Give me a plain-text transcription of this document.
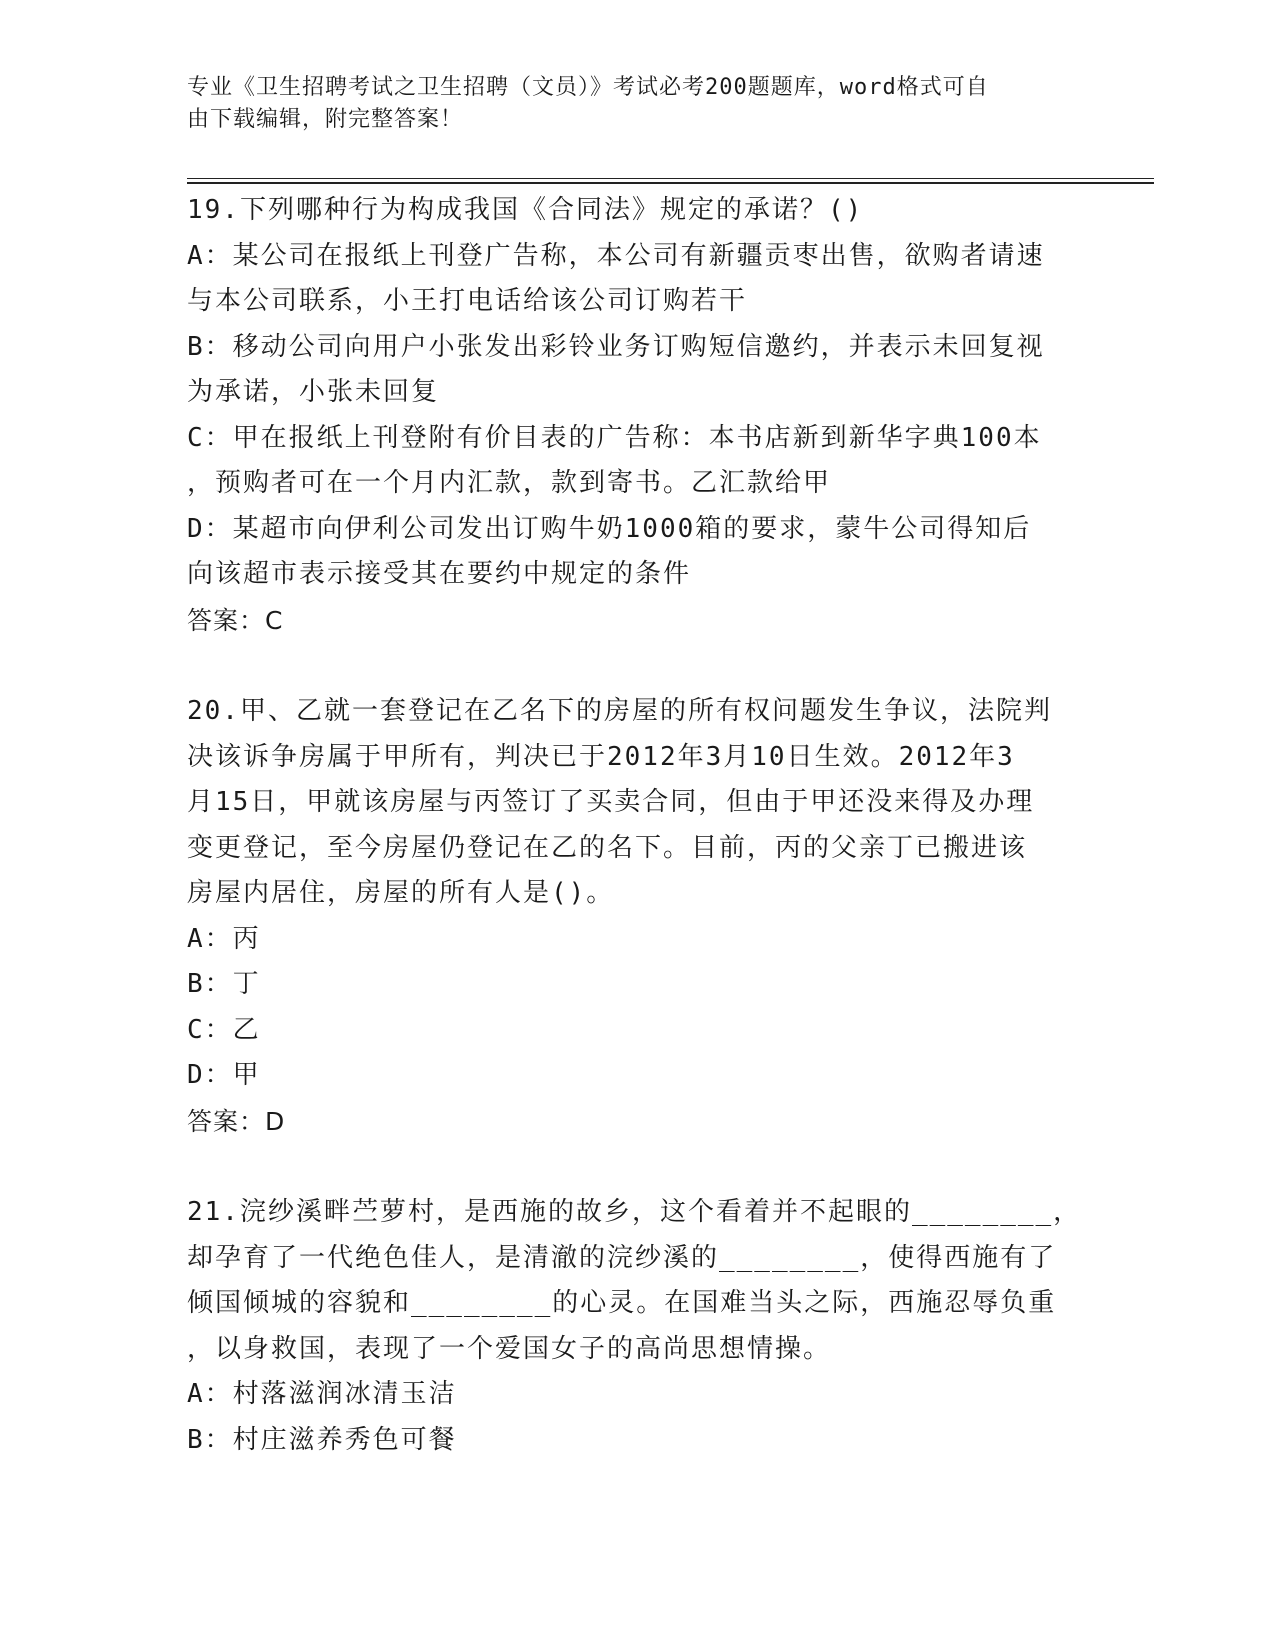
专业《卫生招聘考试之卫生招聘（文员）》考试必考200题题库，word格式可自
由下载编辑，附完整答案！
19.下列哪种行为构成我国《合同法》规定的承诺？()
A：某公司在报纸上刊登广告称，本公司有新疆贡枣出售，欲购者请速
与本公司联系，小王打电话给该公司订购若干
B：移动公司向用户小张发出彩铃业务订购短信邀约，并表示未回复视
为承诺，小张未回复
C：甲在报纸上刊登附有价目表的广告称：本书店新到新华字典100本
，预购者可在一个月内汇款，款到寄书。乙汇款给甲
D：某超市向伊利公司发出订购牛奶1000箱的要求，蒙牛公司得知后
向该超市表示接受其在要约中规定的条件
答案：C
20.甲、乙就一套登记在乙名下的房屋的所有权问题发生争议，法院判
决该诉争房属于甲所有，判决已于2012年3月10日生效。2012年3
月15日，甲就该房屋与丙签订了买卖合同，但由于甲还没来得及办理
变更登记，至今房屋仍登记在乙的名下。目前，丙的父亲丁已搬进该
房屋内居住，房屋的所有人是()。
A：丙
B：丁
C：乙
D：甲
答案：D
21.浣纱溪畔苎萝村，是西施的故乡，这个看着并不起眼的________，
却孕育了一代绝色佳人，是清澈的浣纱溪的________，使得西施有了
倾国倾城的容貌和________的心灵。在国难当头之际，西施忍辱负重
，以身救国，表现了一个爱国女子的高尚思想情操。
A：村落滋润冰清玉洁
B：村庄滋养秀色可餐
